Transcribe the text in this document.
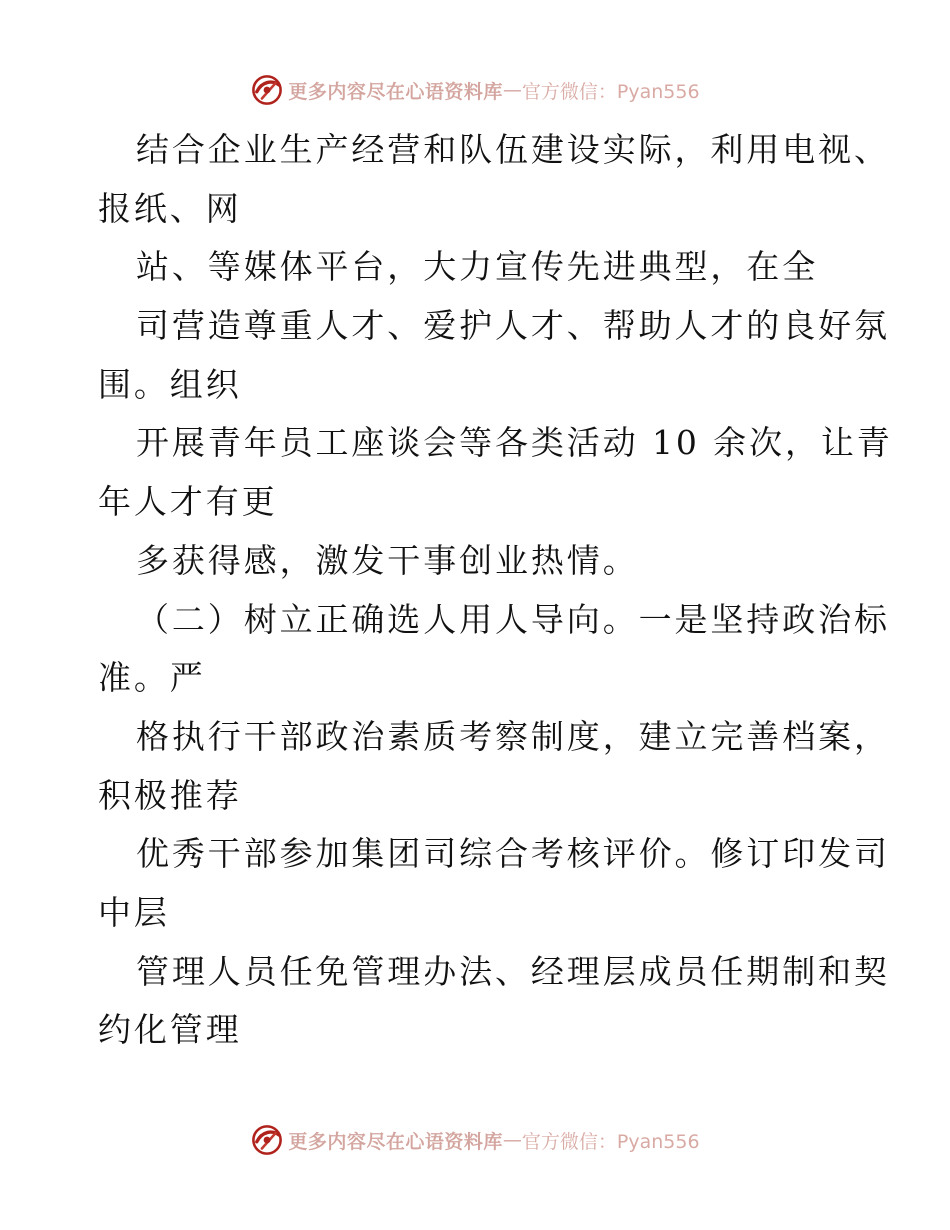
更多内容尽在心语资料库 — 官方微信：Pyan556
结合企业生产经营和队伍建设实际，利用电视、
报纸、网
站、等媒体平台，大力宣传先进典型，在全
司营造尊重人才、爱护人才、帮助人才的良好氛
围。组织
开展青年员工座谈会等各类活动 10 余次，让青
年人才有更
多获得感，激发干事创业热情。
（二）树立正确选人用人导向。一是坚持政治标
准。严
格执行干部政治素质考察制度，建立完善档案，
积极推荐
优秀干部参加集团司综合考核评价。修订印发司
中层
管理人员任免管理办法、经理层成员任期制和契
约化管理
更多内容尽在心语资料库 — 官方微信：Pyan556
